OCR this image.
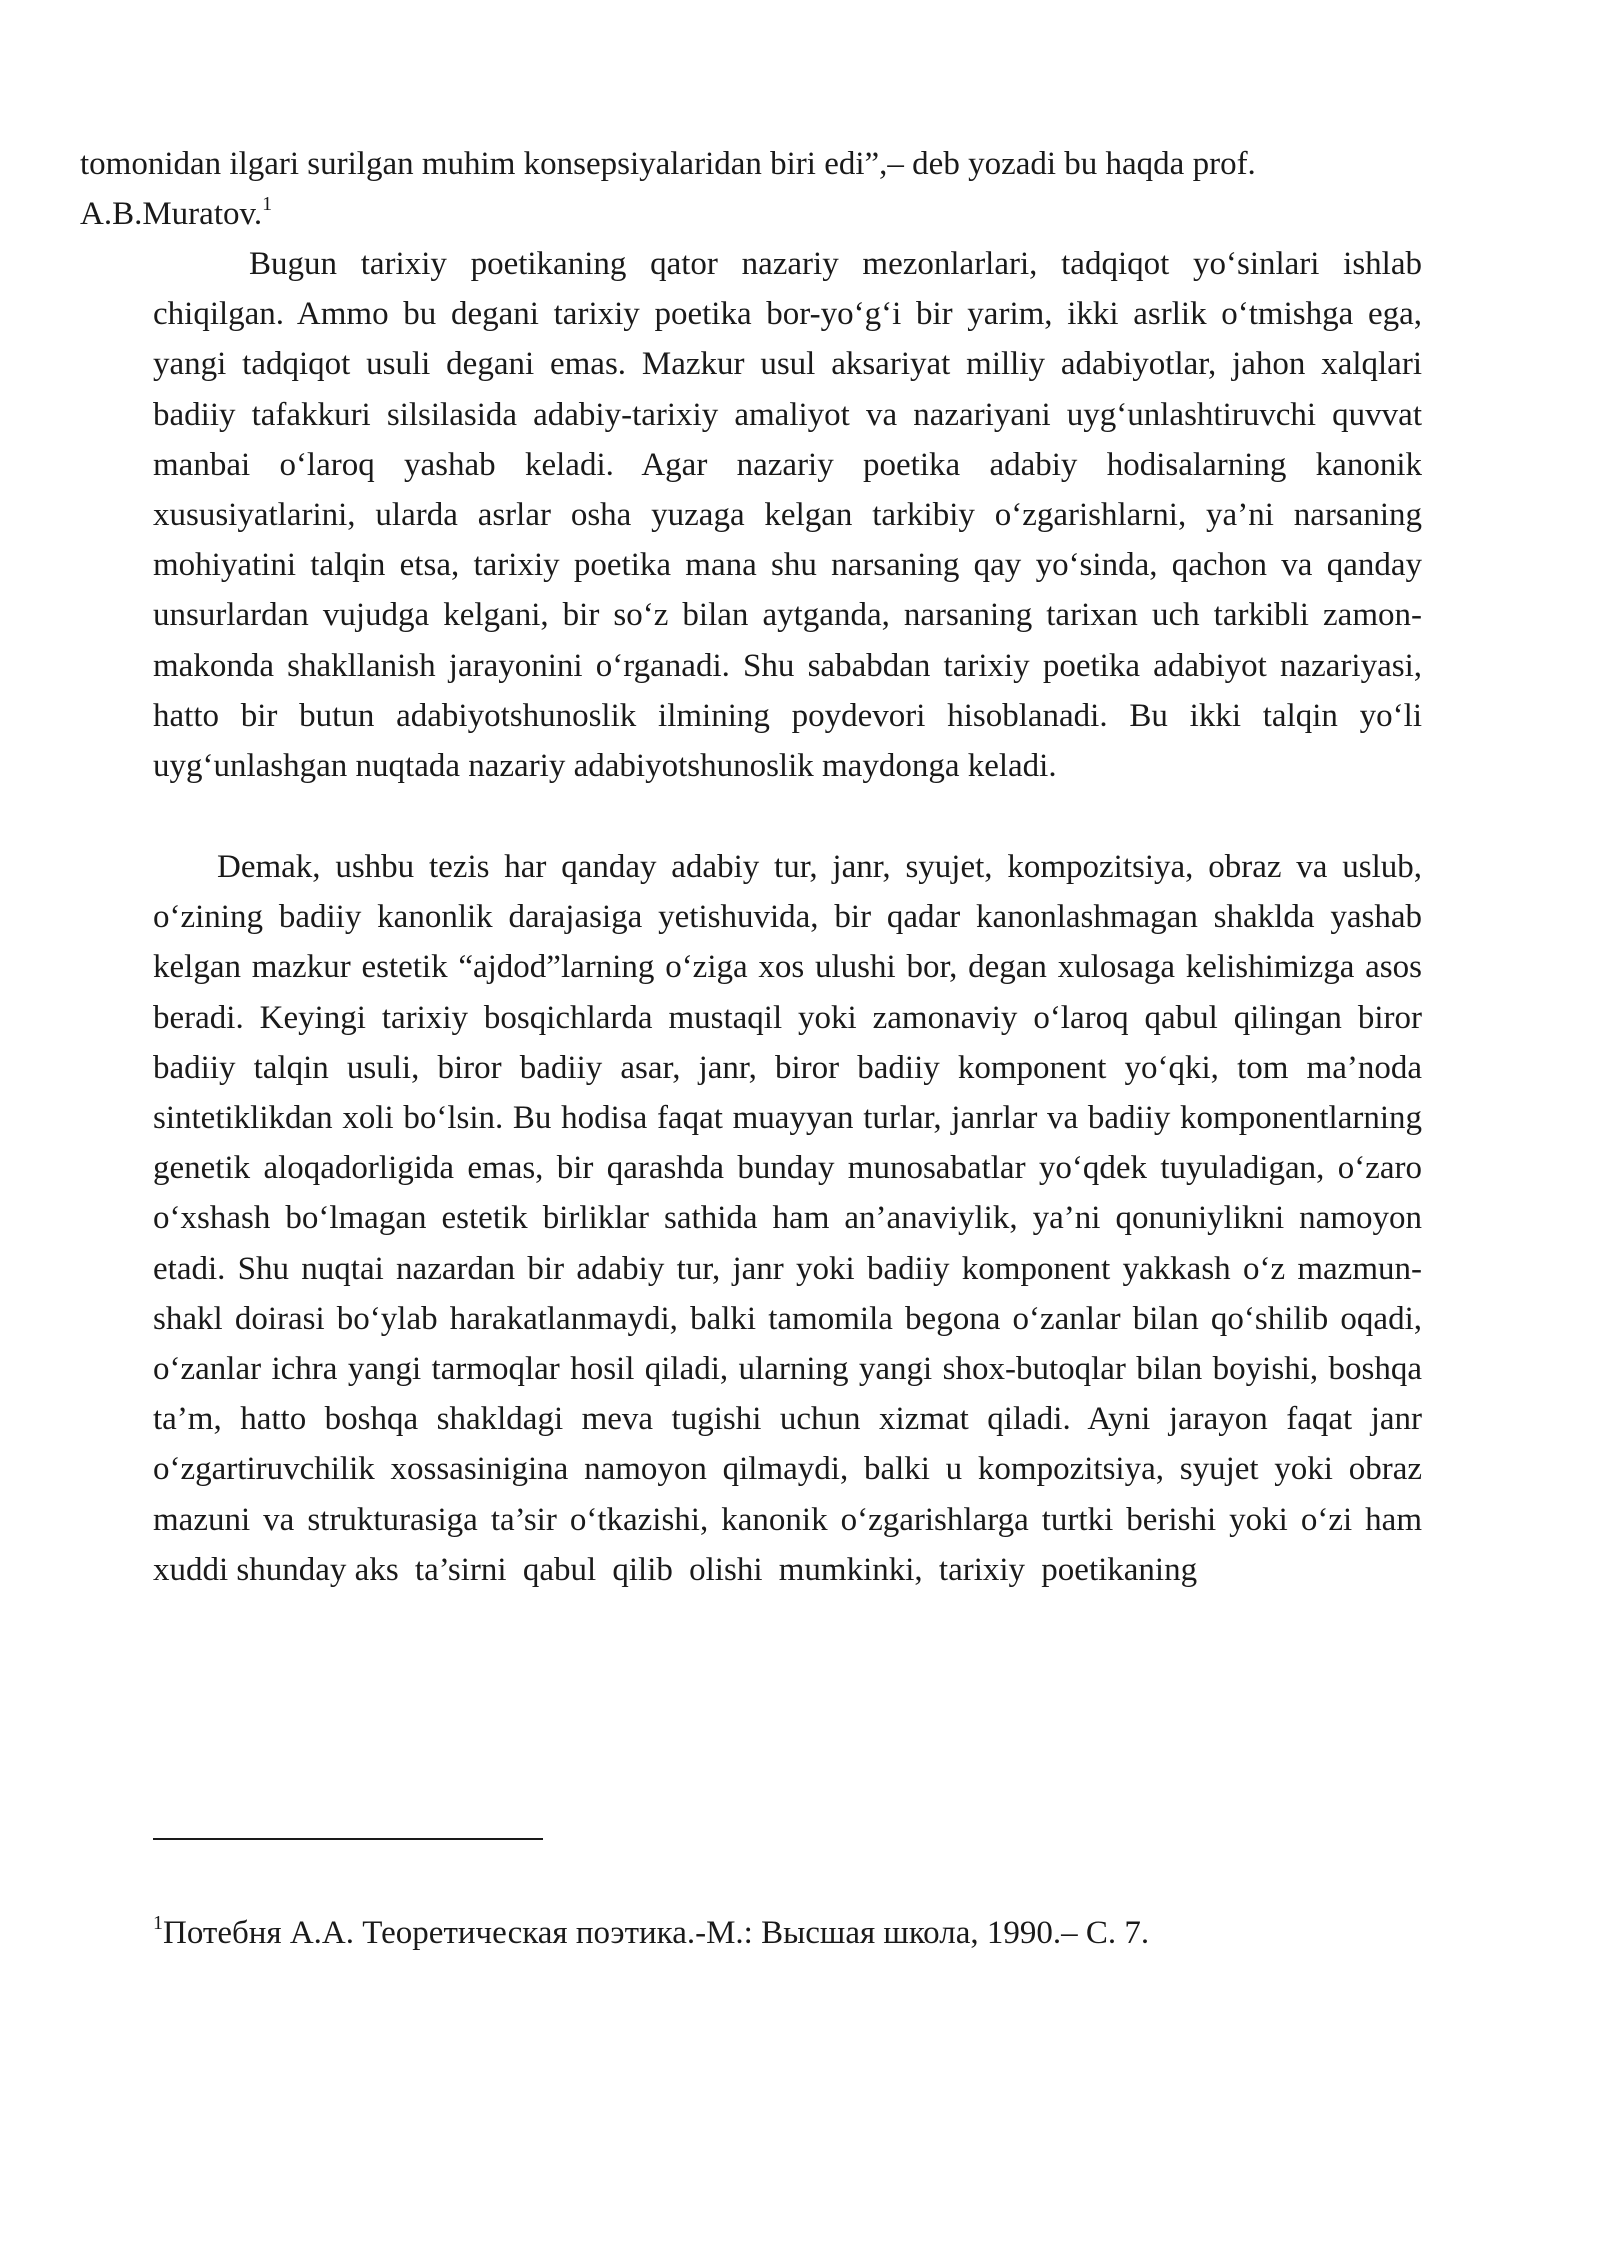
tomonidan ilgari surilgan muhim konsepsiyalaridan biri edi”,– deb yozadi bu haqda prof. A.B.Muratov.$^1$

Bugun tarixiy poetikaning qator nazariy mezonlarlari, tadqiqot yo‘sinlari ishlab chiqilgan. Ammo bu degani tarixiy poetika bor-yo‘g‘i bir yarim, ikki asrlik o‘tmishga ega, yangi tadqiqot usuli degani emas. Mazkur usul aksariyat milliy adabiyotlar, jahon xalqlari badiiy tafakkuri silsilasida adabiy-tarixiy amaliyot va nazariyani uyg‘unlashtiruvchi quvvat manbai o‘laroq yashab keladi. Agar nazariy poetika adabiy hodisalarning kanonik xususiyatlarini, ularda asrlar osha yuzaga kelgan tarkibiy o‘zgarishlarni, ya’ni narsaning mohiyatini talqin etsa, tarixiy poetika mana shu narsaning qay yo‘sinda, qachon va qanday unsurlardan vujudga kelgani, bir so‘z bilan aytganda, narsaning tarixan uch tarkibli zamon-makonda shakllanish jarayonini o‘rganadi. Shu sababdan tarixiy poetika adabiyot nazariyasi, hatto bir butun adabiyotshunoslik ilmining poydevori hisoblanadi. Bu ikki talqin yo‘li uyg‘unlashgan nuqtada nazariy adabiyotshunoslik maydonga keladi.

Demak, ushbu tezis har qanday adabiy tur, janr, syujet, kompozitsiya, obraz va uslub, o‘zining badiiy kanonlik darajasiga yetishuvida, bir qadar kanonlashmagan shaklda yashab kelgan mazkur estetik “ajdod”larning o‘ziga xos ulushi bor, degan xulosaga kelishimizga asos beradi. Keyingi tarixiy bosqichlarda mustaqil yoki zamonaviy o‘laroq qabul qilingan biror badiiy talqin usuli, biror badiiy asar, janr, biror badiiy komponent yo‘qki, tom ma’noda sintetiklikdan xoli bo‘lsin. Bu hodisa faqat muayyan turlar, janrlar va badiiy komponentlarning genetik aloqadorligida emas, bir qarashda bunday munosabatlar yo‘qdek tuyuladigan, o‘zaro o‘xshash bo‘lmagan estetik birliklar sathida ham an’anaviylik, ya’ni qonuniylikni namoyon etadi. Shu nuqtai nazardan bir adabiy tur, janr yoki badiiy komponent yakkash o‘z mazmun-shakl doirasi bo‘ylab harakatlanmaydi, balki tamomila begona o‘zanlar bilan qo‘shilib oqadi, o‘zanlar ichra yangi tarmoqlar hosil qiladi, ularning yangi shox-butoqlar bilan boyishi, boshqa ta’m, hatto boshqa shakldagi meva tugishi uchun xizmat qiladi. Ayni jarayon faqat janr o‘zgartiruvchilik xossasinigina namoyon qilmaydi, balki u kompozitsiya, syujet yoki obraz mazuni va strukturasiga ta’sir o‘tkazishi, kanonik o‘zgarishlarga turtki berishi yoki o‘zi ham xuddi shunday aks ta’sirni qabul qilib olishi mumkinki, tarixiy poetikaning

$^1$Потебня А.А. Теоретическая поэтика.-М.: Высшая школа, 1990.– С. 7.
